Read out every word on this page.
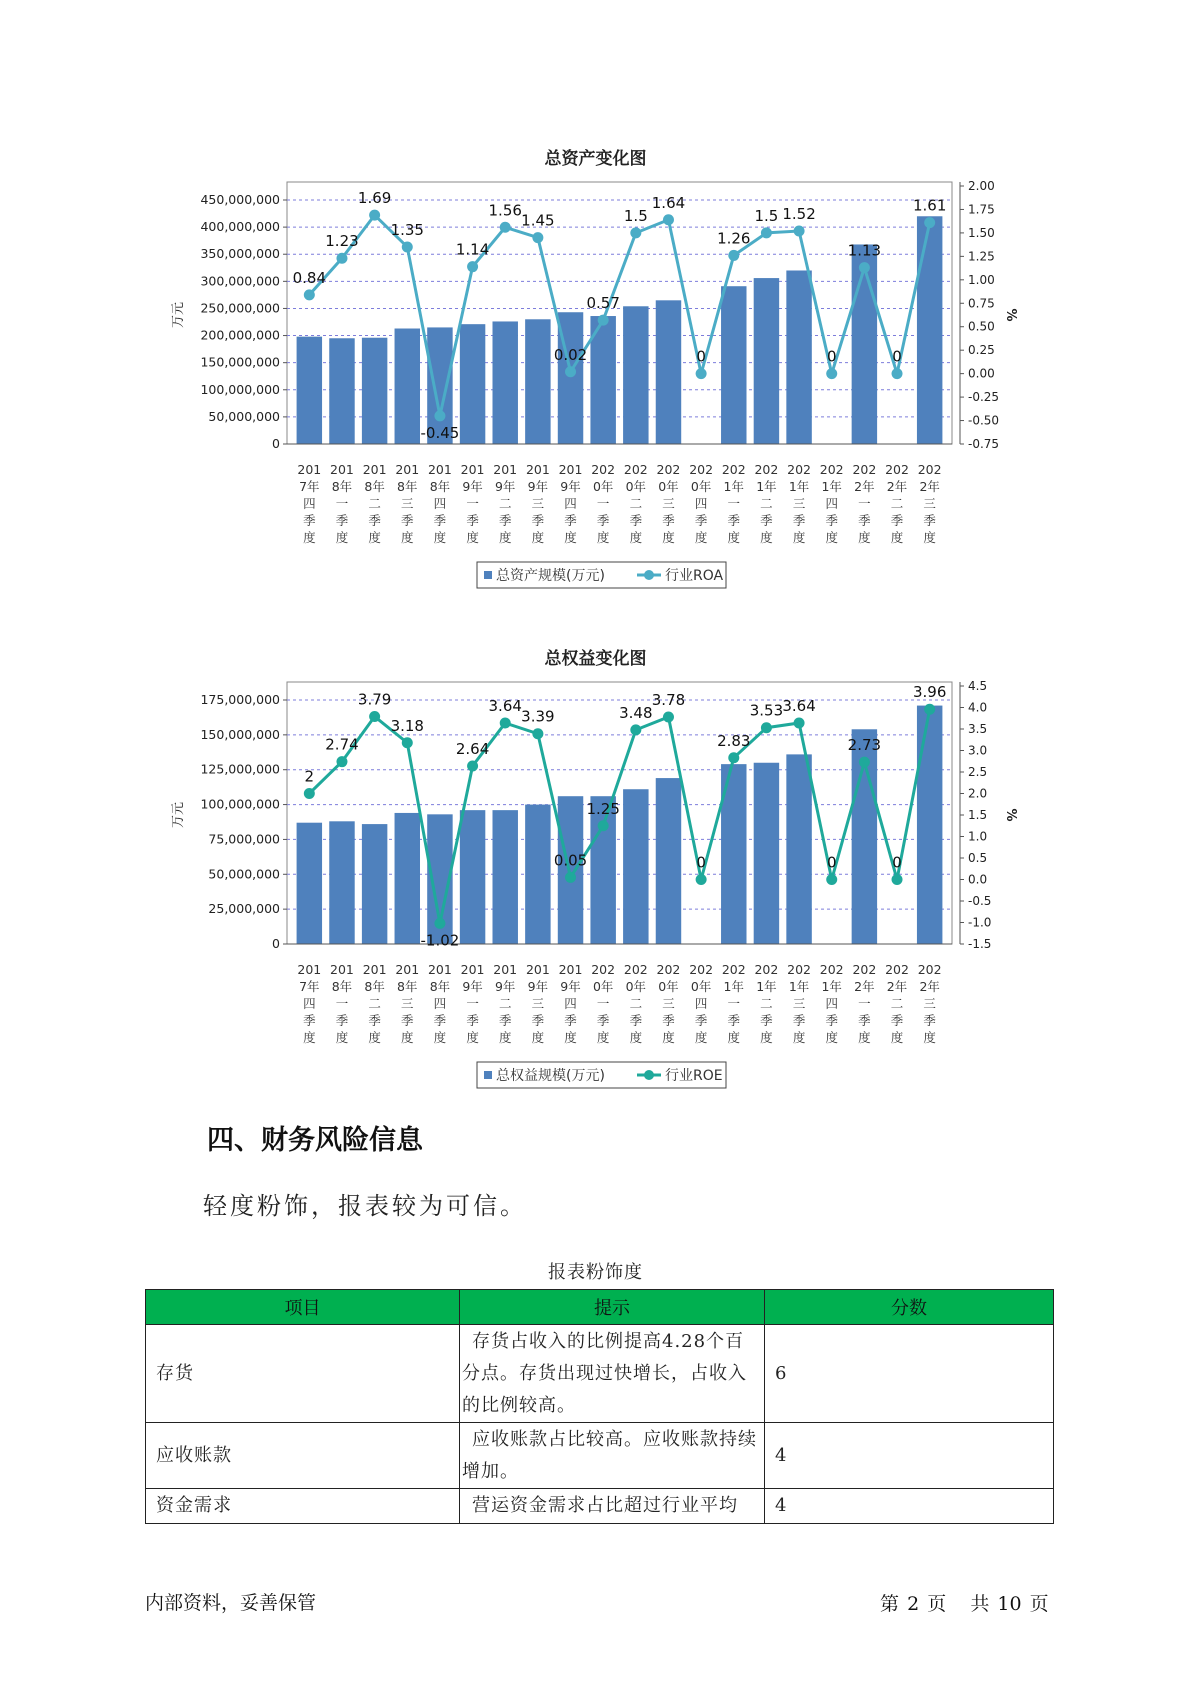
总资产变化图
0
50,000,000
100,000,000
150,000,000
200,000,000
250,000,000
300,000,000
350,000,000
400,000,000
450,000,000
-0.75
-0.50
-0.25
0.00
0.25
0.50
0.75
1.00
1.25
1.50
1.75
2.00
万元	%
201
7年
四
季
度
201
8年
一
季
度
201
8年
二
季
度
201
8年
三
季
度
201
8年
四
季
度
201
9年
一
季
度
201
9年
二
季
度
201
9年
三
季
度
201
9年
四
季
度
202
0年
一
季
度
202
0年
二
季
度
202
0年
三
季
度
202
0年
四
季
度
202
1年
一
季
度
202
1年
二
季
度
202
1年
三
季
度
202
1年
四
季
度
202
2年
一
季
度
202
2年
二
季
度
202
2年
三
季
度
0.84
1.23
1.69
1.35
-0.45
1.14
1.56
1.45
0.02
0.57
1.5
1.64
0
1.26
1.5 1.52
0
1.13
0
1.61
总资产规模(万元)	行业ROA
总权益变化图
0
25,000,000
50,000,000
75,000,000
100,000,000
125,000,000
150,000,000
175,000,000
-1.5
-1.0
-0.5
0.0
0.5
1.0
1.5
2.0
2.5
3.0
3.5
4.0
4.5
万元	%
201
7年
四
季
度
201
8年
一
季
度
201
8年
二
季
度
201
8年
三
季
度
201
8年
四
季
度
201
9年
一
季
度
201
9年
二
季
度
201
9年
三
季
度
201
9年
四
季
度
202
0年
一
季
度
202
0年
二
季
度
202
0年
三
季
度
202
0年
四
季
度
202
1年
一
季
度
202
1年
二
季
度
202
1年
三
季
度
202
1年
四
季
度
202
2年
一
季
度
202
2年
二
季
度
202
2年
三
季
度
2
2.74
3.79
3.18
-1.02
2.64
3.64
3.39
0.05
1.25
3.48
3.78
0
2.83
3.53 3.64
0
2.73
0
3.96
总权益规模(万元)	行业ROE
四、财务风险信息
轻度粉饰，报表较为可信。
报表粉饰度
项目	提示	分数
存货	存货占收入的比例提高4.28个百分点。存货出现过快增长，占收入的比例较高。	6
应收账款	应收账款占比较高。应收账款持续增加。	4
资金需求	营运资金需求占比超过行业平均	4
内部资料，妥善保管	第 2 页 共 10 页
